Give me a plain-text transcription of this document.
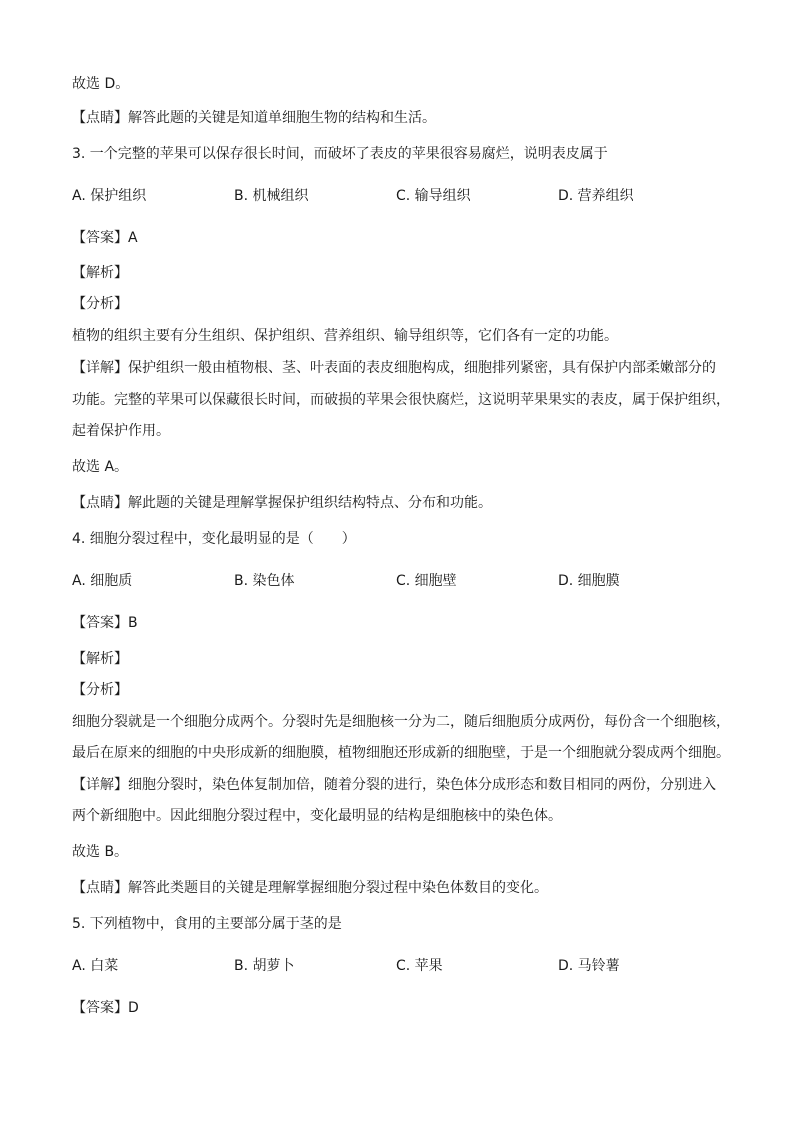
故选 D。
【点睛】解答此题的关键是知道单细胞生物的结构和生活。
3. 一个完整的苹果可以保存很长时间，而破坏了表皮的苹果很容易腐烂，说明表皮属于
A. 保护组织	B. 机械组织	C. 输导组织	D. 营养组织
【答案】A
【解析】
【分析】
植物的组织主要有分生组织、保护组织、营养组织、输导组织等，它们各有一定的功能。
【详解】保护组织一般由植物根、茎、叶表面的表皮细胞构成，细胞排列紧密，具有保护内部柔嫩部分的
功能。完整的苹果可以保藏很长时间，而破损的苹果会很快腐烂，这说明苹果果实的表皮，属于保护组织，
起着保护作用。
故选 A。
【点睛】解此题的关键是理解掌握保护组织结构特点、分布和功能。
4. 细胞分裂过程中，变化最明显的是（　　）
A. 细胞质	B. 染色体	C. 细胞壁	D. 细胞膜
【答案】B
【解析】
【分析】
细胞分裂就是一个细胞分成两个。分裂时先是细胞核一分为二，随后细胞质分成两份，每份含一个细胞核，
最后在原来的细胞的中央形成新的细胞膜，植物细胞还形成新的细胞壁，于是一个细胞就分裂成两个细胞。
【详解】细胞分裂时，染色体复制加倍，随着分裂的进行，染色体分成形态和数目相同的两份，分别进入
两个新细胞中。因此细胞分裂过程中，变化最明显的结构是细胞核中的染色体。
故选 B。
【点睛】解答此类题目的关键是理解掌握细胞分裂过程中染色体数目的变化。
5. 下列植物中，食用的主要部分属于茎的是
A. 白菜	B. 胡萝卜	C. 苹果	D. 马铃薯
【答案】D
